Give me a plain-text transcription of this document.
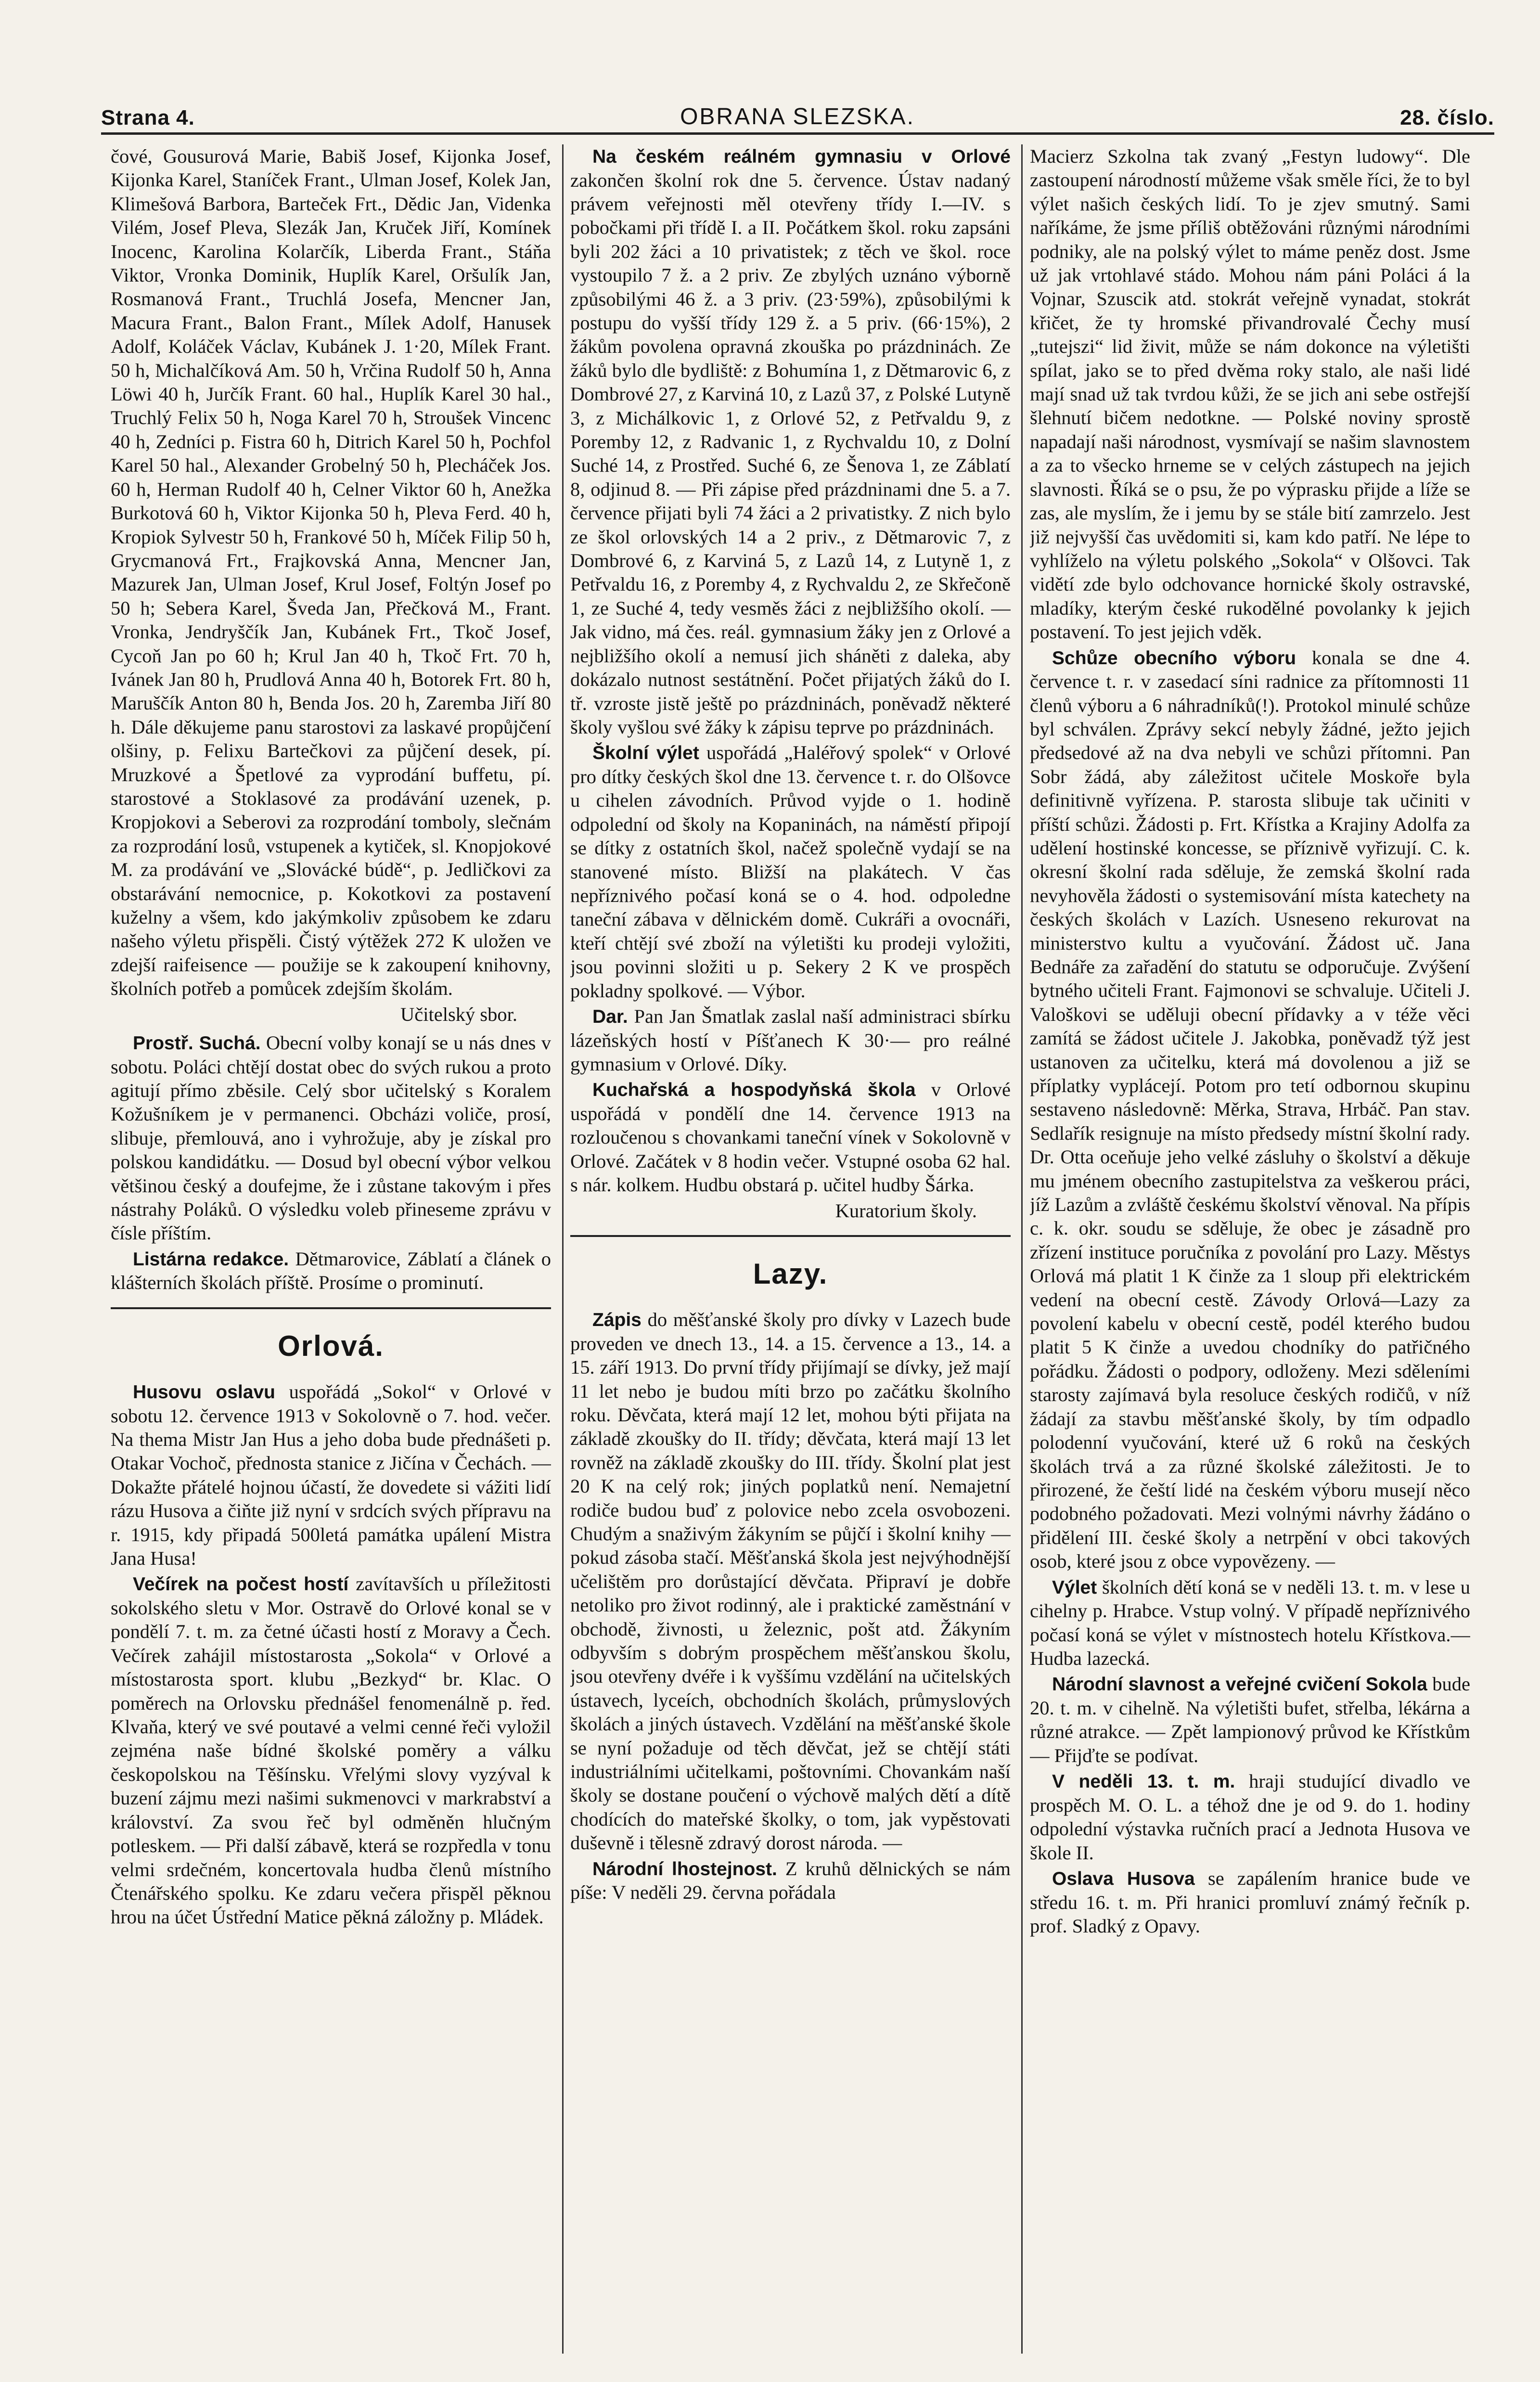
Strana 4.	OBRANA SLEZSKA.	28. číslo.

čové, Gousurová Marie, Babiš Josef, Kijonka Josef, Kijonka Karel, Staníček Frant., Ulman Josef, Kolek Jan, Klimešová Barbora, Barteček Frt., Dědic Jan, Videnka Vilém, Josef Pleva, Slezák Jan, Kruček Jiří, Komínek Inocenc, Karolina Kolarčík, Liberda Frant., Stáňa Viktor, Vronka Dominik, Huplík Karel, Oršulík Jan, Rosmanová Frant., Truchlá Josefa, Mencner Jan, Macura Frant., Balon Frant., Mílek Adolf, Hanusek Adolf, Koláček Václav, Kubánek J. 1·20, Mílek Frant. 50 h, Michalčíková Am. 50 h, Vrčina Rudolf 50 h, Anna Löwi 40 h, Jurčík Frant. 60 hal., Huplík Karel 30 hal., Truchlý Felix 50 h, Noga Karel 70 h, Stroušek Vincenc 40 h, Zedníci p. Fistra 60 h, Ditrich Karel 50 h, Pochfol Karel 50 hal., Alexander Grobelný 50 h, Plecháček Jos. 60 h, Herman Rudolf 40 h, Celner Viktor 60 h, Anežka Burkotová 60 h, Viktor Kijonka 50 h, Pleva Ferd. 40 h, Kropiok Sylvestr 50 h, Frankové 50 h, Míček Filip 50 h, Grycmanová Frt., Frajkovská Anna, Mencner Jan, Mazurek Jan, Ulman Josef, Krul Josef, Foltýn Josef po 50 h; Sebera Karel, Šveda Jan, Přečková M., Frant. Vronka, Jendryščík Jan, Kubánek Frt., Tkoč Josef, Cycoň Jan po 60 h; Krul Jan 40 h, Tkoč Frt. 70 h, Ivánek Jan 80 h, Prudlová Anna 40 h, Botorek Frt. 80 h, Maruščík Anton 80 h, Benda Jos. 20 h, Zaremba Jiří 80 h. Dále děkujeme panu starostovi za laskavé propůjčení olšiny, p. Felixu Bartečkovi za půjčení desek, pí. Mruzkové a Špetlové za vyprodání buffetu, pí. starostové a Stoklasové za prodávání uzenek, p. Kropjokovi a Seberovi za rozprodání tomboly, slečnám za rozprodání losů, vstupenek a kytiček, sl. Knopjokové M. za prodávání ve „Slovácké búdě“, p. Jedličkovi za obstarávání nemocnice, p. Kokotkovi za postavení kuželny a všem, kdo jakýmkoliv způsobem ke zdaru našeho výletu přispěli. Čistý výtěžek 272 K uložen ve zdejší raifeisence — použije se k zakoupení knihovny, školních potřeb a pomůcek zdejším školám.

Učitelský sbor.

Prostř. Suchá. Obecní volby konají se u nás dnes v sobotu. Poláci chtějí dostat obec do svých rukou a proto agitují přímo zběsile. Celý sbor učitelský s Koralem Kožušníkem je v permanenci. Obcházi voliče, prosí, slibuje, přemlouvá, ano i vyhrožuje, aby je získal pro polskou kandidátku. — Dosud byl obecní výbor velkou většinou český a doufejme, že i zůstane takovým i přes nástrahy Poláků. O výsledku voleb přineseme zprávu v čísle příštím.

Listárna redakce. Dětmarovice, Záblatí a článek o klášterních školách příště. Prosíme o prominutí.

Orlová.

Husovu oslavu uspořádá „Sokol“ v Orlové v sobotu 12. července 1913 v Sokolovně o 7. hod. večer. Na thema Mistr Jan Hus a jeho doba bude přednášeti p. Otakar Vochoč, přednosta stanice z Jičína v Čechách. — Dokažte přátelé hojnou účastí, že dovedete si vážiti lidí rázu Husova a čiňte již nyní v srdcích svých přípravu na r. 1915, kdy připadá 500letá památka upálení Mistra Jana Husa!

Večírek na počest hostí zavítavších u příležitosti sokolského sletu v Mor. Ostravě do Orlové konal se v pondělí 7. t. m. za četné účasti hostí z Moravy a Čech. Večírek zahájil místostarosta „Sokola“ v Orlové a místostarosta sport. klubu „Bezkyd“ br. Klac. O poměrech na Orlovsku přednášel fenomenálně p. řed. Klvaňa, který ve své poutavé a velmi cenné řeči vyložil zejména naše bídné školské poměry a válku českopolskou na Těšínsku. Vřelými slovy vyzýval k buzení zájmu mezi našimi sukmenovci v markrabství a království. Za svou řeč byl odměněn hlučným potleskem. — Při další zábavě, která se rozpředla v tonu velmi srdečném, koncertovala hudba členů místního Čtenářského spolku. Ke zdaru večera přispěl pěknou hrou na účet Ústřední Matice pěkná záložny p. Mládek.

Na českém reálném gymnasiu v Orlové zakončen školní rok dne 5. července. Ústav nadaný právem veřejnosti měl otevřeny třídy I.—IV. s pobočkami při třídě I. a II. Počátkem škol. roku zapsáni byli 202 žáci a 10 privatistek; z těch ve škol. roce vystoupilo 7 ž. a 2 priv. Ze zbylých uznáno výborně způsobilými 46 ž. a 3 priv. (23·59%), způsobilými k postupu do vyšší třídy 129 ž. a 5 priv. (66·15%), 2 žákům povolena opravná zkouška po prázdninách. Ze žáků bylo dle bydliště: z Bohumína 1, z Dětmarovic 6, z Dombrové 27, z Karviná 10, z Lazů 37, z Polské Lutyně 3, z Michálkovic 1, z Orlové 52, z Petřvaldu 9, z Poremby 12, z Radvanic 1, z Rychvaldu 10, z Dolní Suché 14, z Prostřed. Suché 6, ze Šenova 1, ze Záblatí 8, odjinud 8. — Při zápise před prázdninami dne 5. a 7. července přijati byli 74 žáci a 2 privatistky. Z nich bylo ze škol orlovských 14 a 2 priv., z Dětmarovic 7, z Dombrové 6, z Karviná 5, z Lazů 14, z Lutyně 1, z Petřvaldu 16, z Poremby 4, z Rychvaldu 2, ze Skřečoně 1, ze Suché 4, tedy vesměs žáci z nejbližšího okolí. — Jak vidno, má čes. reál. gymnasium žáky jen z Orlové a nejbližšího okolí a nemusí jich sháněti z daleka, aby dokázalo nutnost sestátnění. Počet přijatých žáků do I. tř. vzroste jistě ještě po prázdninách, poněvadž některé školy vyšlou své žáky k zápisu teprve po prázdninách.

Školní výlet uspořádá „Haléřový spolek“ v Orlové pro dítky českých škol dne 13. července t. r. do Olšovce u cihelen závodních. Průvod vyjde o 1. hodině odpolední od školy na Kopaninách, na náměstí připojí se dítky z ostatních škol, načež společně vydají se na stanovené místo. Bližší na plakátech. V čas nepříznivého počasí koná se o 4. hod. odpoledne taneční zábava v dělnickém domě. Cukráři a ovocnáři, kteří chtějí své zboží na výletišti ku prodeji vyložiti, jsou povinni složiti u p. Sekery 2 K ve prospěch pokladny spolkové. — Výbor.

Dar. Pan Jan Šmatlak zaslal naší administraci sbírku lázeňských hostí v Píšťanech K 30·— pro reálné gymnasium v Orlové. Díky.

Kuchařská a hospodyňská škola v Orlové uspořádá v pondělí dne 14. července 1913 na rozloučenou s chovankami taneční vínek v Sokolovně v Orlové. Začátek v 8 hodin večer. Vstupné osoba 62 hal. s nár. kolkem. Hudbu obstará p. učitel hudby Šárka.

Kuratorium školy.
Lazy.

Zápis do měšťanské školy pro dívky v Lazech bude proveden ve dnech 13., 14. a 15. července a 13., 14. a 15. září 1913. Do první třídy přijímají se dívky, jež mají 11 let nebo je budou míti brzo po začátku školního roku. Děvčata, která mají 12 let, mohou býti přijata na základě zkoušky do II. třídy; děvčata, která mají 13 let rovněž na základě zkoušky do III. třídy. Školní plat jest 20 K na celý rok; jiných poplatků není. Nemajetní rodiče budou buď z polovice nebo zcela osvobozeni. Chudým a snaživým žákyním se půjčí i školní knihy — pokud zásoba stačí. Měšťanská škola jest nejvýhodnější učelištěm pro dorůstající děvčata. Připraví je dobře netoliko pro život rodinný, ale i praktické zaměstnání v obchodě, živnosti, u železnic, pošt atd. Žákyním odbyvším s dobrým prospěchem měšťanskou školu, jsou otevřeny dvéře i k vyššímu vzdělání na učitelských ústavech, lyceích, obchodních školách, průmyslových školách a jiných ústavech. Vzdělání na měšťanské škole se nyní požaduje od těch děvčat, jež se chtějí státi industriálními učitelkami, poštovními. Chovankám naší školy se dostane poučení o výchově malých dětí a dítě chodících do mateřské školky, o tom, jak vypěstovati duševně i tělesně zdravý dorost národa. —

Národní lhostejnost. Z kruhů dělnických se nám píše: V neděli 29. června pořádala

Macierz Szkolna tak zvaný „Festyn ludowy“. Dle zastoupení národností můžeme však směle říci, že to byl výlet našich českých lidí. To je zjev smutný. Sami naříkáme, že jsme příliš obtěžováni různými národními podniky, ale na polský výlet to máme peněz dost. Jsme už jak vrtohlavé stádo. Mohou nám páni Poláci á la Vojnar, Szuscik atd. stokrát veřejně vynadat, stokrát křičet, že ty hromské přivandrovalé Čechy musí „tutejszi“ lid živit, může se nám dokonce na výletišti spílat, jako se to před dvěma roky stalo, ale naši lidé mají snad už tak tvrdou kůži, že se jich ani sebe ostřejší šlehnutí bičem nedotkne. — Polské noviny sprostě napadají naši národnost, vysmívají se našim slavnostem a za to všecko hrneme se v celých zástupech na jejich slavnosti. Říká se o psu, že po výprasku přijde a líže se zas, ale myslím, že i jemu by se stále bití zamrzelo. Jest již nejvyšší čas uvědomiti si, kam kdo patří. Ne lépe to vyhlíželo na výletu polského „Sokola“ v Olšovci. Tak vidětí zde bylo odchovance hornické školy ostravské, mladíky, kterým české rukodělné povolanky k jejich postavení. To jest jejich vděk.

Schůze obecního výboru konala se dne 4. července t. r. v zasedací síni radnice za přítomnosti 11 členů výboru a 6 náhradníků(!). Protokol minulé schůze byl schválen. Zprávy sekcí nebyly žádné, ježto jejich předsedové až na dva nebyli ve schůzi přítomni. Pan Sobr žádá, aby záležitost učitele Moskoře byla definitivně vyřízena. P. starosta slibuje tak učiniti v příští schůzi. Žádosti p. Frt. Křístka a Krajiny Adolfa za udělení hostinské koncesse, se příznivě vyřizují. C. k. okresní školní rada sděluje, že zemská školní rada nevyhověla žádosti o systemisování místa katechety na českých školách v Lazích. Usneseno rekurovat na ministerstvo kultu a vyučování. Žádost uč. Jana Bednáře za zařadění do statutu se odporučuje. Zvýšení bytného učiteli Frant. Fajmonovi se schvaluje. Učiteli J. Valoškovi se uděluji obecní přídavky a v téže věci zamítá se žádost učitele J. Jakobka, poněvadž týž jest ustanoven za učitelku, která má dovolenou a již se příplatky vyplácejí. Potom pro tetí odbornou skupinu sestaveno následovně: Měrka, Strava, Hrbáč. Pan stav. Sedlařík resignuje na místo předsedy místní školní rady. Dr. Otta oceňuje jeho velké zásluhy o školství a děkuje mu jménem obecního zastupitelstva za veškerou práci, jíž Lazům a zvláště českému školství věnoval. Na přípis c. k. okr. soudu se sděluje, že obec je zásadně pro zřízení instituce poručníka z povolání pro Lazy. Městys Orlová má platit 1 K činže za 1 sloup při elektrickém vedení na obecní cestě. Závody Orlová—Lazy za povolení kabelu v obecní cestě, podél kterého budou platit 5 K činže a uvedou chodníky do patřičného pořádku. Žádosti o podpory, odloženy. Mezi sděleními starosty zajímavá byla resoluce českých rodičů, v níž žádají za stavbu měšťanské školy, by tím odpadlo polodenní vyučování, které už 6 roků na českých školách trvá a za různé školské záležitosti. Je to přirozené, že čeští lidé na českém výboru musejí něco podobného požadovati. Mezi volnými návrhy žádáno o přidělení III. české školy a netrpění v obci takových osob, které jsou z obce vypovězeny. —

Výlet školních dětí koná se v neděli 13. t. m. v lese u cihelny p. Hrabce. Vstup volný. V případě nepříznivého počasí koná se výlet v místnostech hotelu Křístkova.— Hudba lazecká.

Národní slavnost a veřejné cvičení Sokola bude 20. t. m. v cihelně. Na výletišti bufet, střelba, lékárna a různé atrakce. — Zpět lampionový průvod ke Křístkům — Přijďte se podívat.

V neděli 13. t. m. hraji studující divadlo ve prospěch M. O. L. a téhož dne je od 9. do 1. hodiny odpolední výstavka ručních prací a Jednota Husova ve škole II.

Oslava Husova se zapálením hranice bude ve středu 16. t. m. Při hranici promluví známý řečník p. prof. Sladký z Opavy.
